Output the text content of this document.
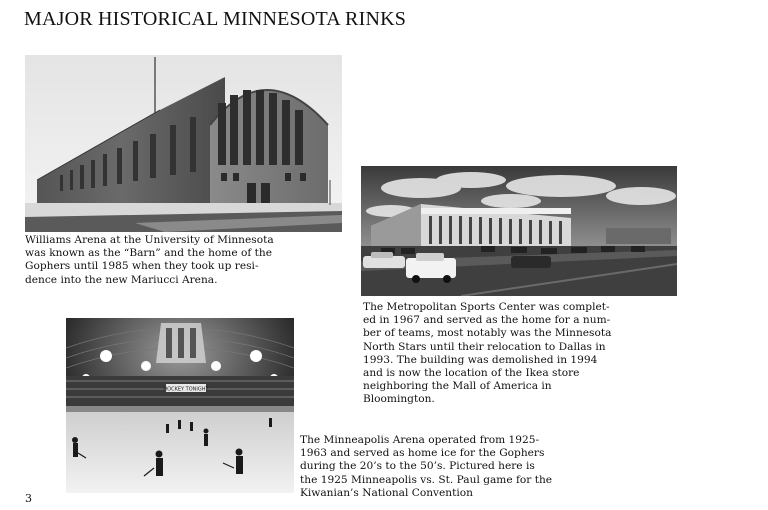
MAJOR HISTORICAL MINNESOTA RINKS
Williams Arena at the University of Minnesota
was known as the “Barn” and the home of the
Gophers until 1985 when they took up resi-
dence into the new Mariucci Arena.
The Metropolitan Sports Center was complet-
ed in 1967 and served as the home for a num-
ber of teams, most notably was the Minnesota
North Stars until their relocation to Dallas in
1993. The building was demolished in 1994
and is now the location of the Ikea store
neighboring the Mall of America in
Bloomington.
HOCKEY TONIGHT
The Minneapolis Arena operated from 1925-
1963 and served as home ice for the Gophers
during the 20’s to the 50’s. Pictured here is
the 1925 Minneapolis vs. St. Paul game for the
Kiwanian’s National Convention
3
